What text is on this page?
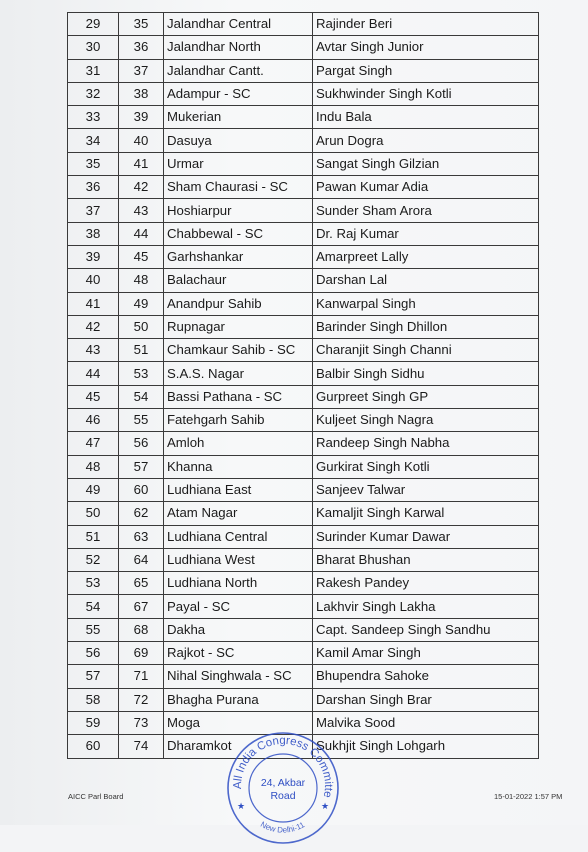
29	35	Jalandhar Central	Rajinder Beri
30	36	Jalandhar North	Avtar Singh Junior
31	37	Jalandhar Cantt.	Pargat Singh
32	38	Adampur - SC	Sukhwinder Singh Kotli
33	39	Mukerian	Indu Bala
34	40	Dasuya	Arun Dogra
35	41	Urmar	Sangat Singh Gilzian
36	42	Sham Chaurasi - SC	Pawan Kumar Adia
37	43	Hoshiarpur	Sunder Sham Arora
38	44	Chabbewal - SC	Dr. Raj Kumar
39	45	Garhshankar	Amarpreet Lally
40	48	Balachaur	Darshan Lal
41	49	Anandpur Sahib	Kanwarpal Singh
42	50	Rupnagar	Barinder Singh Dhillon
43	51	Chamkaur Sahib - SC	Charanjit Singh Channi
44	53	S.A.S. Nagar	Balbir Singh Sidhu
45	54	Bassi Pathana - SC	Gurpreet Singh GP
46	55	Fatehgarh Sahib	Kuljeet Singh Nagra
47	56	Amloh	Randeep Singh Nabha
48	57	Khanna	Gurkirat Singh Kotli
49	60	Ludhiana East	Sanjeev Talwar
50	62	Atam Nagar	Kamaljit Singh Karwal
51	63	Ludhiana Central	Surinder Kumar Dawar
52	64	Ludhiana West	Bharat Bhushan
53	65	Ludhiana North	Rakesh Pandey
54	67	Payal - SC	Lakhvir Singh Lakha
55	68	Dakha	Capt. Sandeep Singh Sandhu
56	69	Rajkot - SC	Kamil Amar Singh
57	71	Nihal Singhwala - SC	Bhupendra Sahoke
58	72	Bhagha Purana	Darshan Singh Brar
59	73	Moga	Malvika Sood
60	74	Dharamkot	Sukhjit Singh Lohgarh
All India Congress Committe
New Delhi-11
24, Akbar
Road
★	★
AICC Parl Board	15-01-2022 1:57 PM
